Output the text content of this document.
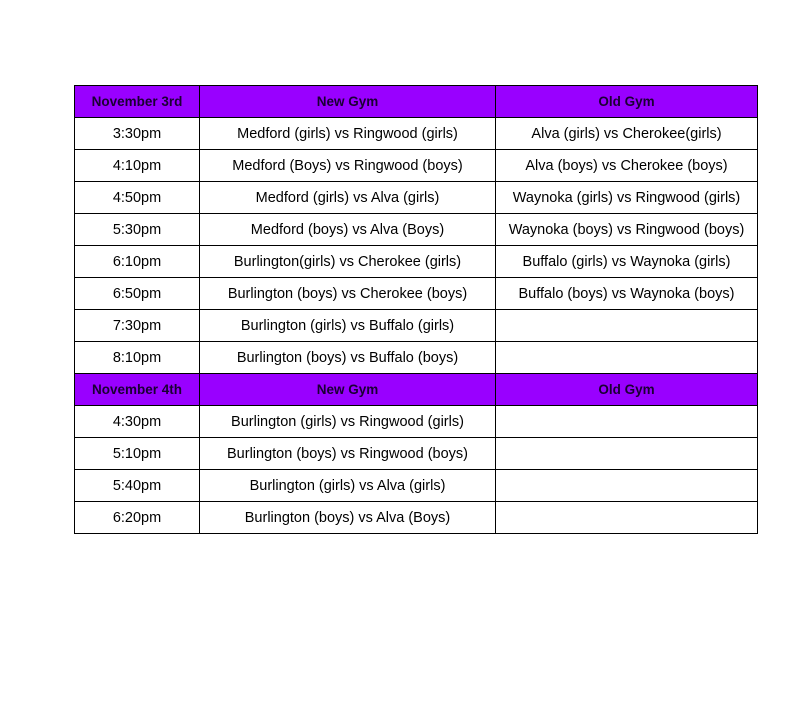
November 3rd	New Gym	Old Gym
3:30pm	Medford (girls) vs Ringwood (girls)	Alva (girls) vs Cherokee(girls)
4:10pm	Medford (Boys) vs Ringwood (boys)	Alva (boys) vs Cherokee (boys)
4:50pm	Medford (girls) vs Alva (girls)	Waynoka (girls) vs Ringwood (girls)
5:30pm	Medford (boys) vs Alva (Boys)	Waynoka (boys) vs Ringwood (boys)
6:10pm	Burlington(girls) vs Cherokee (girls)	Buffalo (girls) vs Waynoka (girls)
6:50pm	Burlington (boys) vs Cherokee (boys)	Buffalo (boys) vs Waynoka (boys)
7:30pm	Burlington (girls) vs Buffalo (girls)	
8:10pm	Burlington (boys) vs Buffalo (boys)	
November 4th	New Gym	Old Gym
4:30pm	Burlington (girls) vs Ringwood (girls)	
5:10pm	Burlington (boys) vs Ringwood (boys)	
5:40pm	Burlington (girls) vs Alva (girls)	
6:20pm	Burlington (boys) vs Alva (Boys)	
